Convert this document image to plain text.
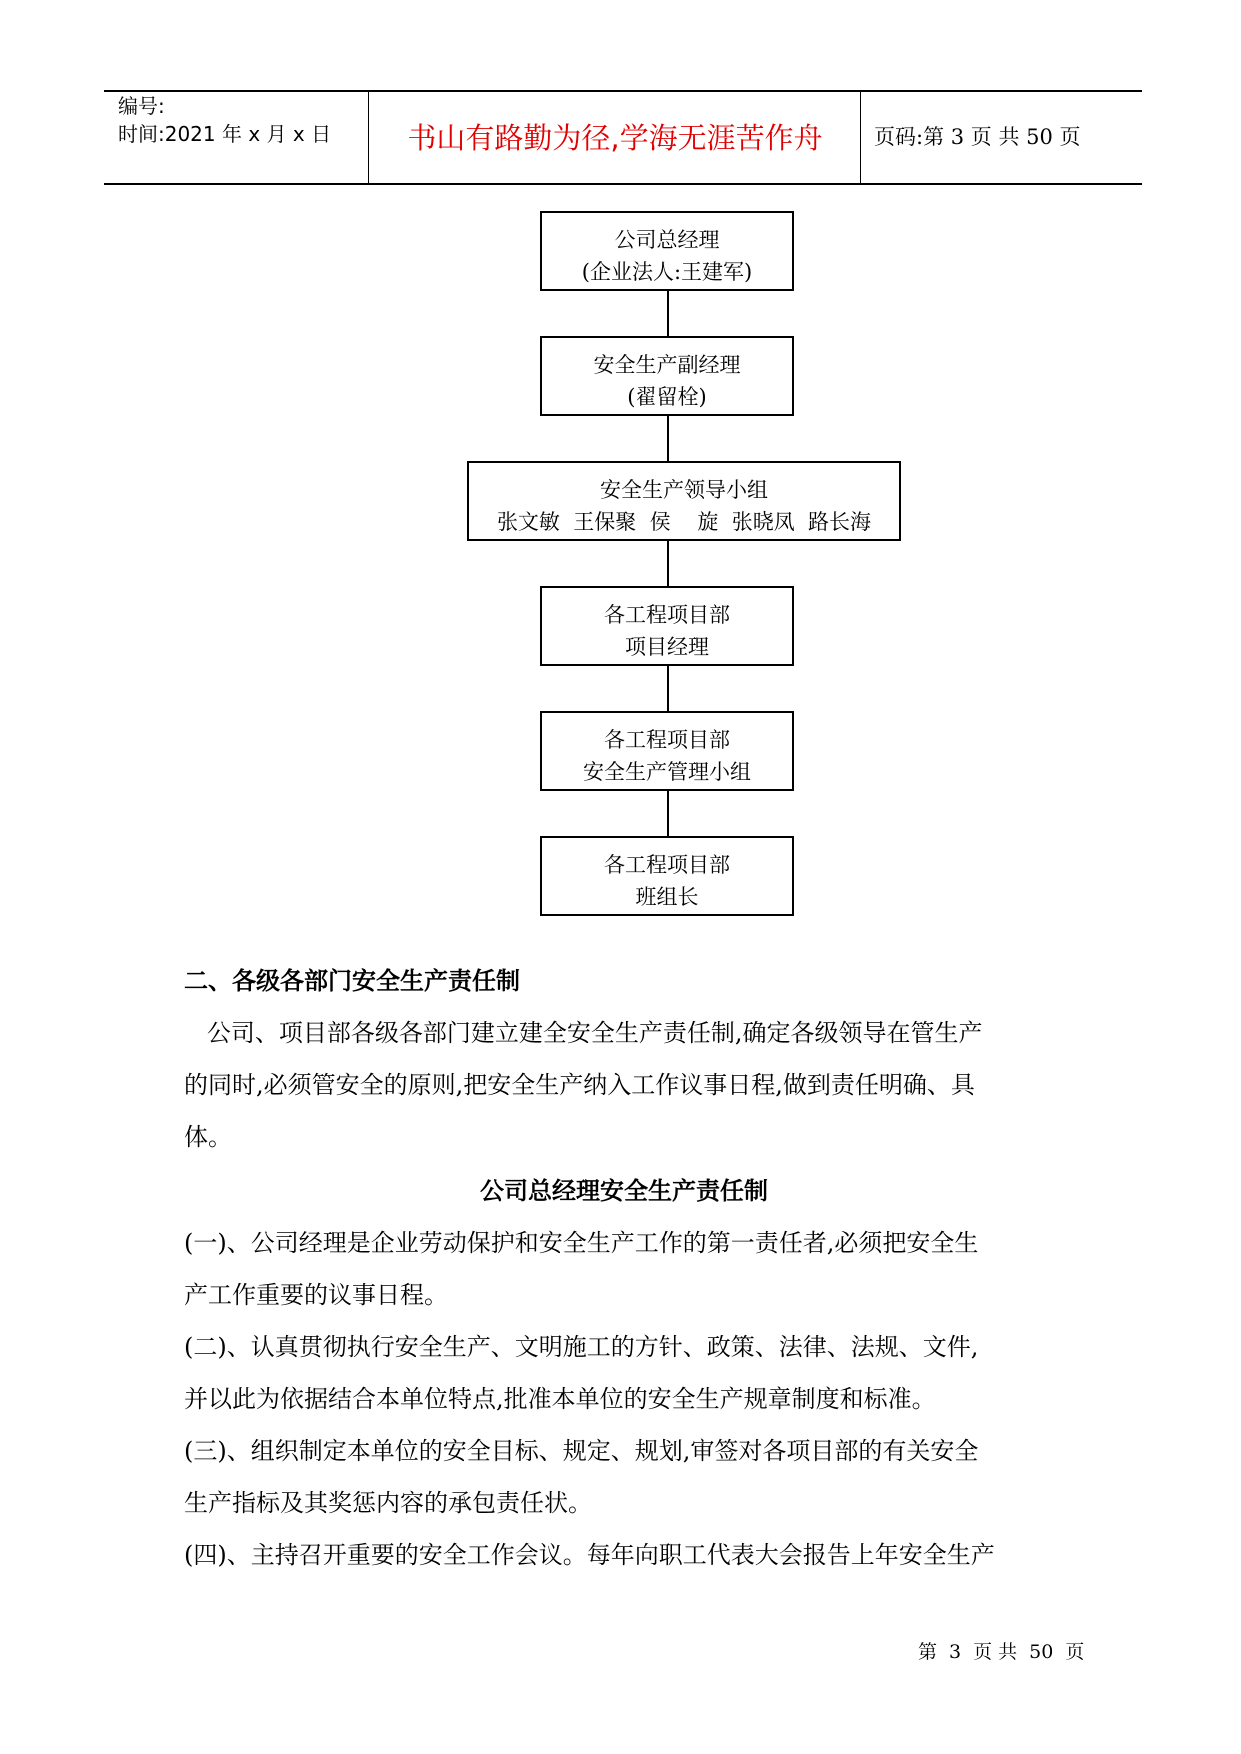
编号:
时间:2021 年 x 月 x 日	书山有路勤为径,学海无涯苦作舟	页码:第 3 页 共 50 页
公司总经理
(企业法人:王建军)
安全生产副经理
(翟留栓)
安全生产领导小组
张文敏  王保聚  侯    旋  张晓凤  路长海
各工程项目部
项目经理
各工程项目部
安全生产管理小组
各工程项目部
班组长
二、各级各部门安全生产责任制
公司、项目部各级各部门建立建全安全生产责任制,确定各级领导在管生产
的同时,必须管安全的原则,把安全生产纳入工作议事日程,做到责任明确、具
体。
公司总经理安全生产责任制
(一)、公司经理是企业劳动保护和安全生产工作的第一责任者,必须把安全生
产工作重要的议事日程。
(二)、认真贯彻执行安全生产、文明施工的方针、政策、法律、法规、文件,
并以此为依据结合本单位特点,批准本单位的安全生产规章制度和标准。
(三)、组织制定本单位的安全目标、规定、规划,审签对各项目部的有关安全
生产指标及其奖惩内容的承包责任状。
(四)、主持召开重要的安全工作会议。每年向职工代表大会报告上年安全生产
第 3 页 共 50 页
